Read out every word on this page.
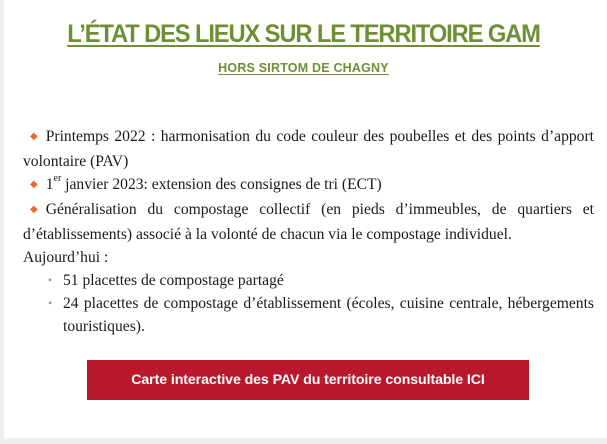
L’ÉTAT DES LIEUX SUR LE TERRITOIRE GAM
HORS SIRTOM DE CHAGNY

◆ Printemps 2022 : harmonisation du code couleur des poubelles et des points d’apport volontaire (PAV)

◆ 1er janvier 2023: extension des consignes de tri (ECT)

◆ Généralisation du compostage collectif (en pieds d’immeubles, de quartiers et d’établissements) associé à la volonté de chacun via le compostage individuel.

Aujourd’hui :

• 51 placettes de compostage partagé
• 24 placettes de compostage d’établissement (écoles, cuisine centrale, hébergements touristiques).
Carte interactive des PAV du territoire consultable ICI
